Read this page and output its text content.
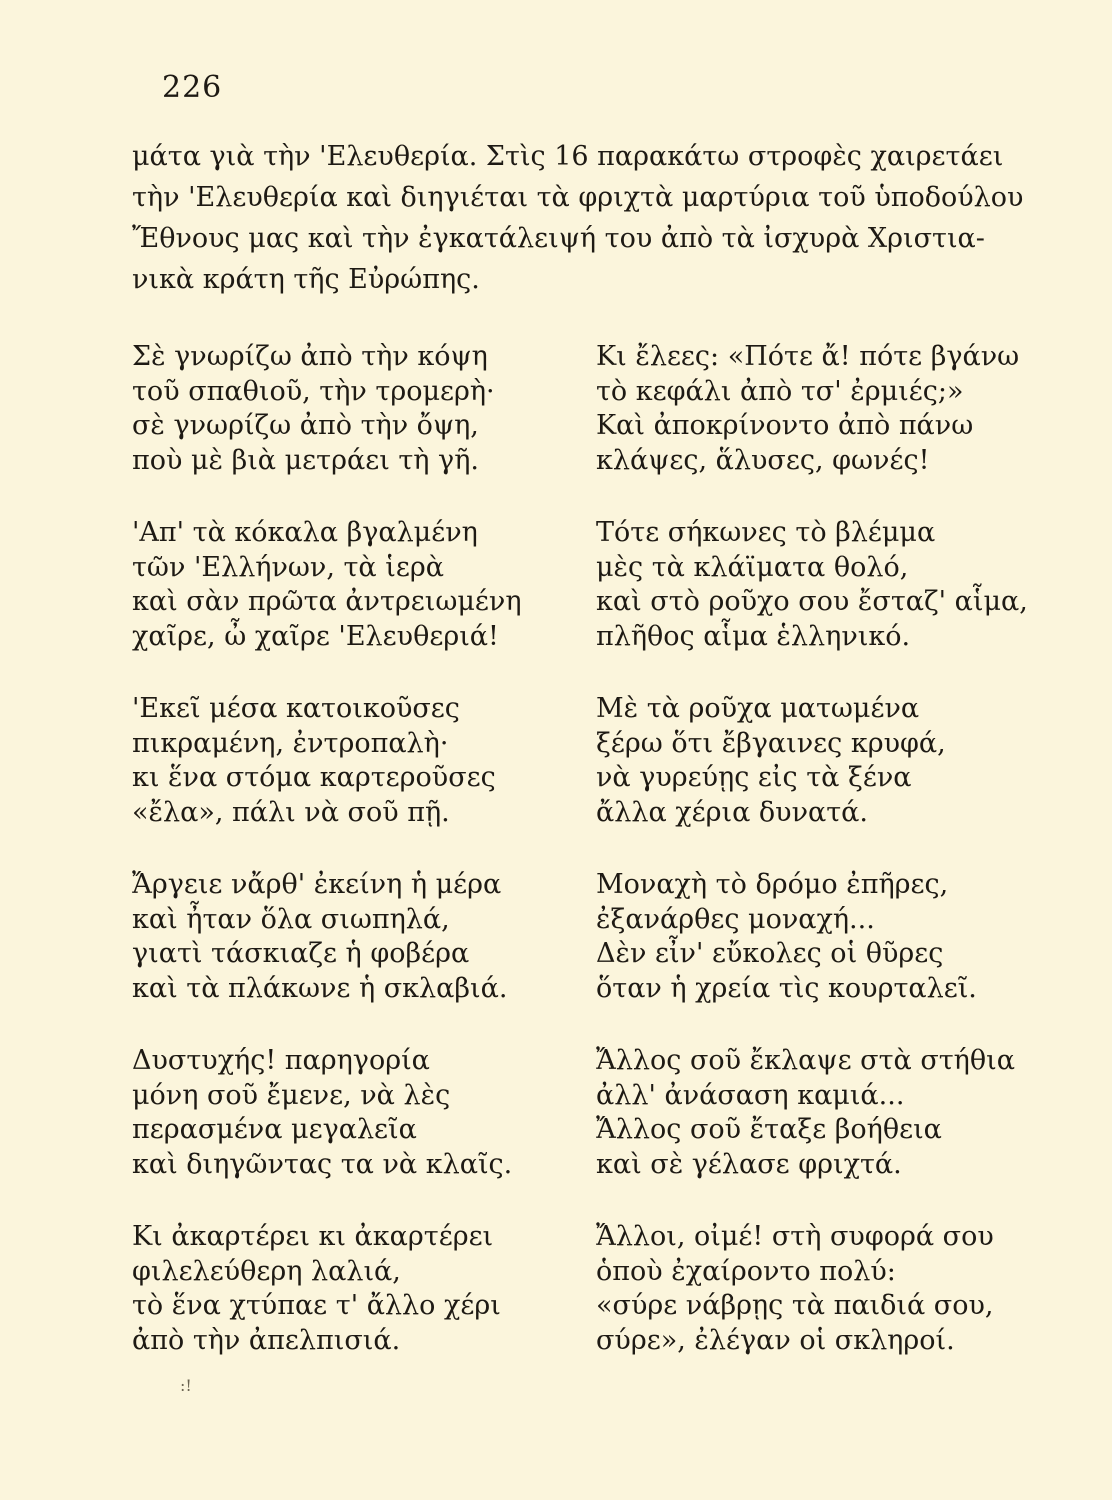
226

μάτα γιὰ τὴν 'Ελευθερία. Στὶς 16 παρακάτω στροφὲς χαιρετάει
τὴν 'Ελευθερία καὶ διηγιέται τὰ φριχτὰ μαρτύρια τοῦ ὑποδούλου
Ἔθνους μας καὶ τὴν ἐγκατάλειψή του ἀπὸ τὰ ἰσχυρὰ Χριστια-
νικὰ κράτη τῆς Εὐρώπης.

Σὲ γνωρίζω ἀπὸ τὴν κόψη
τοῦ σπαθιοῦ, τὴν τρομερὴ·
σὲ γνωρίζω ἀπὸ τὴν ὄψη,
ποὺ μὲ βιὰ μετράει τὴ γῆ.
'Απ' τὰ κόκαλα βγαλμένη
τῶν 'Ελλήνων, τὰ ἱερὰ
καὶ σὰν πρῶτα ἀντρειωμένη
χαῖρε, ὦ χαῖρε 'Ελευθεριά!
'Εκεῖ μέσα κατοικοῦσες
πικραμένη, ἐντροπαλὴ·
κι ἕνα στόμα καρτεροῦσες
«ἔλα», πάλι νὰ σοῦ πῇ.
Ἄργειε νἄρθ' ἐκείνη ἡ μέρα
καὶ ἦταν ὅλα σιωπηλά,
γιατὶ τάσκιαζε ἡ φοβέρα
καὶ τὰ πλάκωνε ἡ σκλαβιά.
Δυστυχής! παρηγορία
μόνη σοῦ ἔμενε, νὰ λὲς
περασμένα μεγαλεῖα
καὶ διηγῶντας τα νὰ κλαῖς.
Κι ἀκαρτέρει κι ἀκαρτέρει
φιλελεύθερη λαλιά,
τὸ ἕνα χτύπαε τ' ἄλλο χέρι
ἀπὸ τὴν ἀπελπισιά.
Κι ἔλεες: «Πότε ἄ! πότε βγάνω
τὸ κεφάλι ἀπὸ τσ' ἐρμιές;»
Καὶ ἀποκρίνοντο ἀπὸ πάνω
κλάψες, ἅλυσες, φωνές!
Τότε σήκωνες τὸ βλέμμα
μὲς τὰ κλάϊματα θολό,
καὶ στὸ ροῦχο σου ἔσταζ' αἷμα,
πλῆθος αἷμα ἑλληνικό.
Μὲ τὰ ροῦχα ματωμένα
ξέρω ὅτι ἔβγαινες κρυφά,
νὰ γυρεύῃς εἰς τὰ ξένα
ἄλλα χέρια δυνατά.
Μοναχὴ τὸ δρόμο ἐπῆρες,
ἐξανάρθες μοναχή...
Δὲν εἶν' εὔκολες οἱ θῦρες
ὅταν ἡ χρεία τὶς κουρταλεῖ.
Ἄλλος σοῦ ἔκλαψε στὰ στήθια
ἀλλ' ἀνάσαση καμιά...
Ἄλλος σοῦ ἔταξε βοήθεια
καὶ σὲ γέλασε φριχτά.
Ἄλλοι, οἰμέ! στὴ συφορά σου
ὁποὺ ἐχαίροντο πολύ:
«σύρε νάβρῃς τὰ παιδιά σου,
σύρε», ἐλέγαν οἱ σκληροί.
:!
